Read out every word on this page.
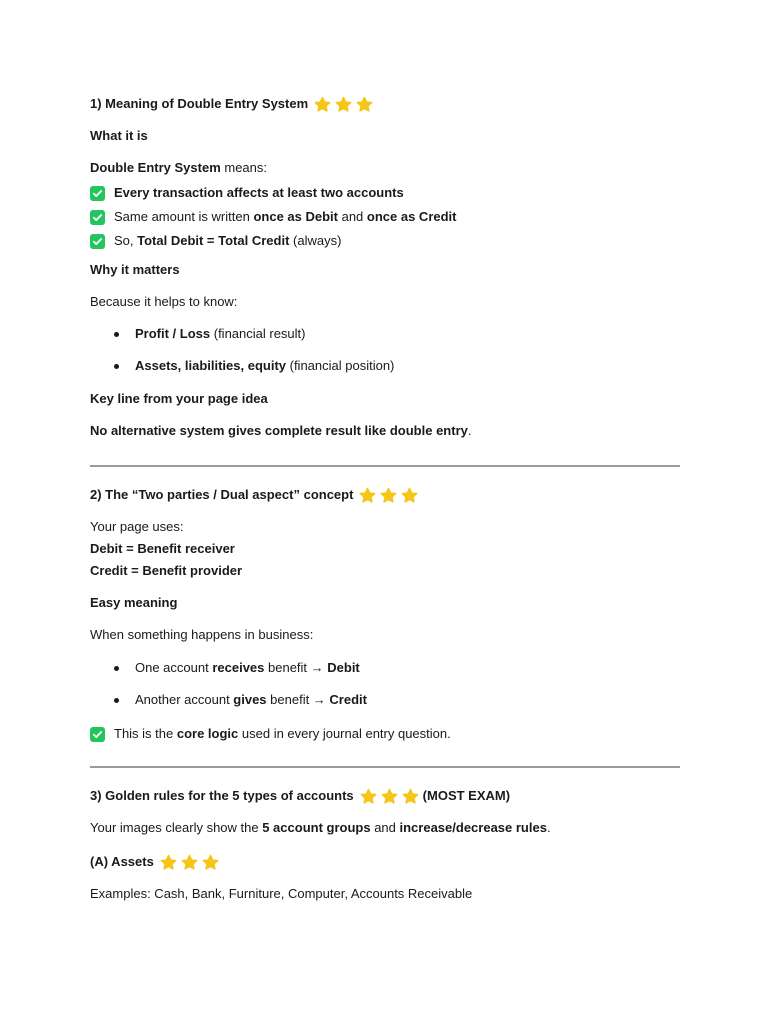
1) Meaning of Double Entry System

What it is

Double Entry System means:

Every transaction affects at least two accounts
Same amount is written once as Debit and once as Credit
So, Total Debit = Total Credit (always)

Why it matters

Because it helps to know:

Profit / Loss (financial result)
Assets, liabilities, equity (financial position)

Key line from your page idea

No alternative system gives complete result like double entry.

2) The “Two parties / Dual aspect” concept

Your page uses:

Debit = Benefit receiver

Credit = Benefit provider

Easy meaning

When something happens in business:

One account receives benefit → Debit
Another account gives benefit → Credit
This is the core logic used in every journal entry question.
3) Golden rules for the 5 types of accounts	(MOST EXAM)

Your images clearly show the 5 account groups and increase/decrease rules.

(A) Assets

Examples: Cash, Bank, Furniture, Computer, Accounts Receivable
